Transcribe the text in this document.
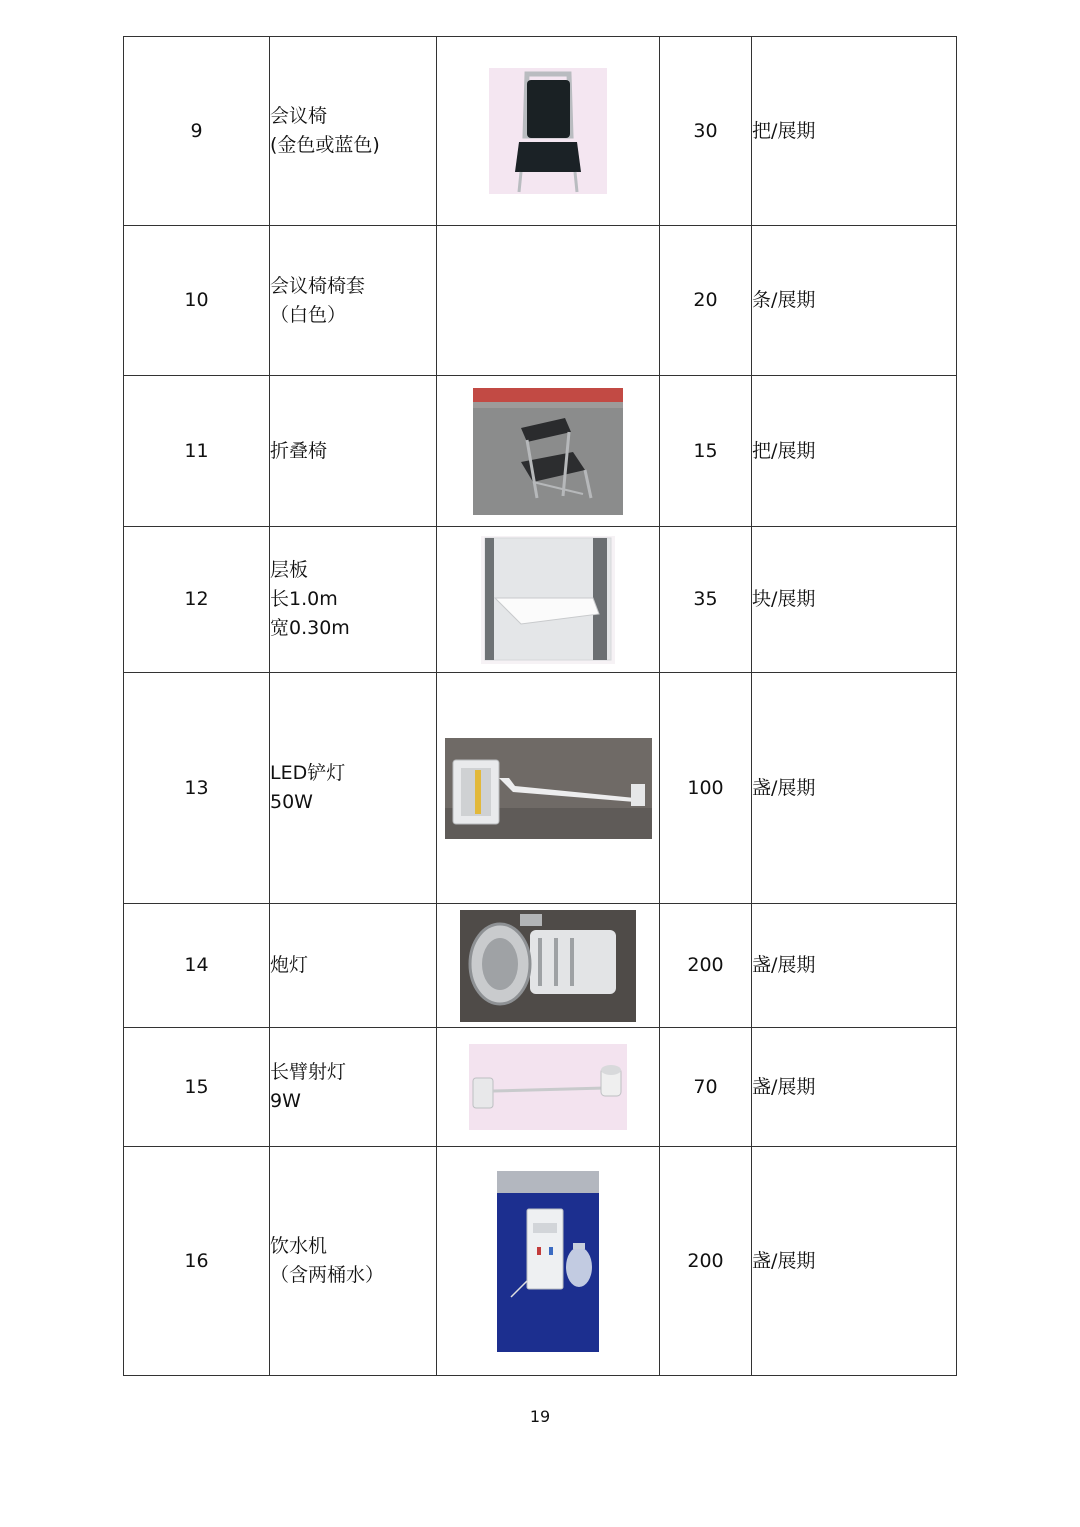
9	会议椅
(金色或蓝色)		30	把/展期
10	会议椅椅套
（白色）		20	条/展期
11	折叠椅		15	把/展期
12	层板
长1.0m
宽0.30m		35	块/展期
13	LED铲灯
50W		100	盏/展期
14	炮灯		200	盏/展期
15	长臂射灯
9W		70	盏/展期
16	饮水机
（含两桶水）		200	盏/展期
19
